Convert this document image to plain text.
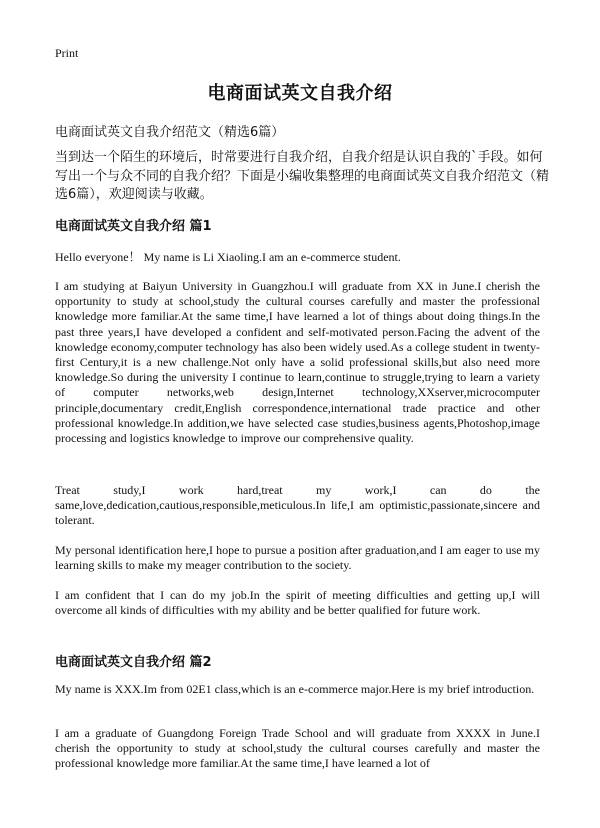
Print
电商面试英文自我介绍
电商面试英文自我介绍范文（精选6篇）
当到达一个陌生的环境后，时常要进行自我介绍，自我介绍是认识自我的`手段。如何写出一个与众不同的自我介绍？下面是小编收集整理的电商面试英文自我介绍范文（精选6篇），欢迎阅读与收藏。
电商面试英文自我介绍 篇1
Hello everyone！ My name is Li Xiaoling.I am an e-commerce student.
I am studying at Baiyun University in Guangzhou.I will graduate from XX in June.I cherish the opportunity to study at school,study the cultural courses carefully and master the professional knowledge more familiar.At the same time,I have learned a lot of things about doing things.In the past three years,I have developed a confident and self-motivated person.Facing the advent of the knowledge economy,computer technology has also been widely used.As a college student in twenty-first Century,it is a new challenge.Not only have a solid professional skills,but also need more knowledge.So during the university I continue to learn,continue to struggle,trying to learn a variety of computer networks,web design,Internet technology,XXserver,microcomputer principle,documentary credit,English correspondence,international trade practice and other professional knowledge.In addition,we have selected case studies,business agents,Photoshop,image processing and logistics knowledge to improve our comprehensive quality.
Treat study,I work hard,treat my work,I can do the same,love,dedication,cautious,responsible,meticulous.In life,I am optimistic,passionate,sincere and tolerant.
My personal identification here,I hope to pursue a position after graduation,and I am eager to use my learning skills to make my meager contribution to the society.
I am confident that I can do my job.In the spirit of meeting difficulties and getting up,I will overcome all kinds of difficulties with my ability and be better qualified for future work.
电商面试英文自我介绍 篇2
My name is XXX.Im from 02E1 class,which is an e-commerce major.Here is my brief introduction.
I am a graduate of Guangdong Foreign Trade School and will graduate from XXXX in June.I cherish the opportunity to study at school,study the cultural courses carefully and master the professional knowledge more familiar.At the same time,I have learned a lot of
